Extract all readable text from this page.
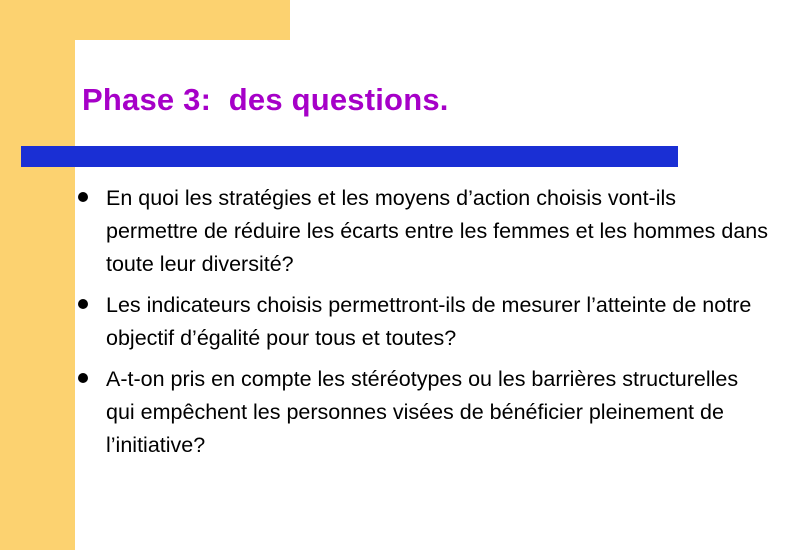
Phase 3:  des questions.
En quoi les stratégies et les moyens d’action choisis vont-ils permettre de réduire les écarts entre les femmes et les hommes dans toute leur diversité?
Les indicateurs choisis permettront-ils de mesurer l’atteinte de notre objectif d’égalité pour tous et toutes?
A-t-on pris en compte les stéréotypes ou les barrières structurelles qui empêchent les personnes visées de bénéficier pleinement de l’initiative?
